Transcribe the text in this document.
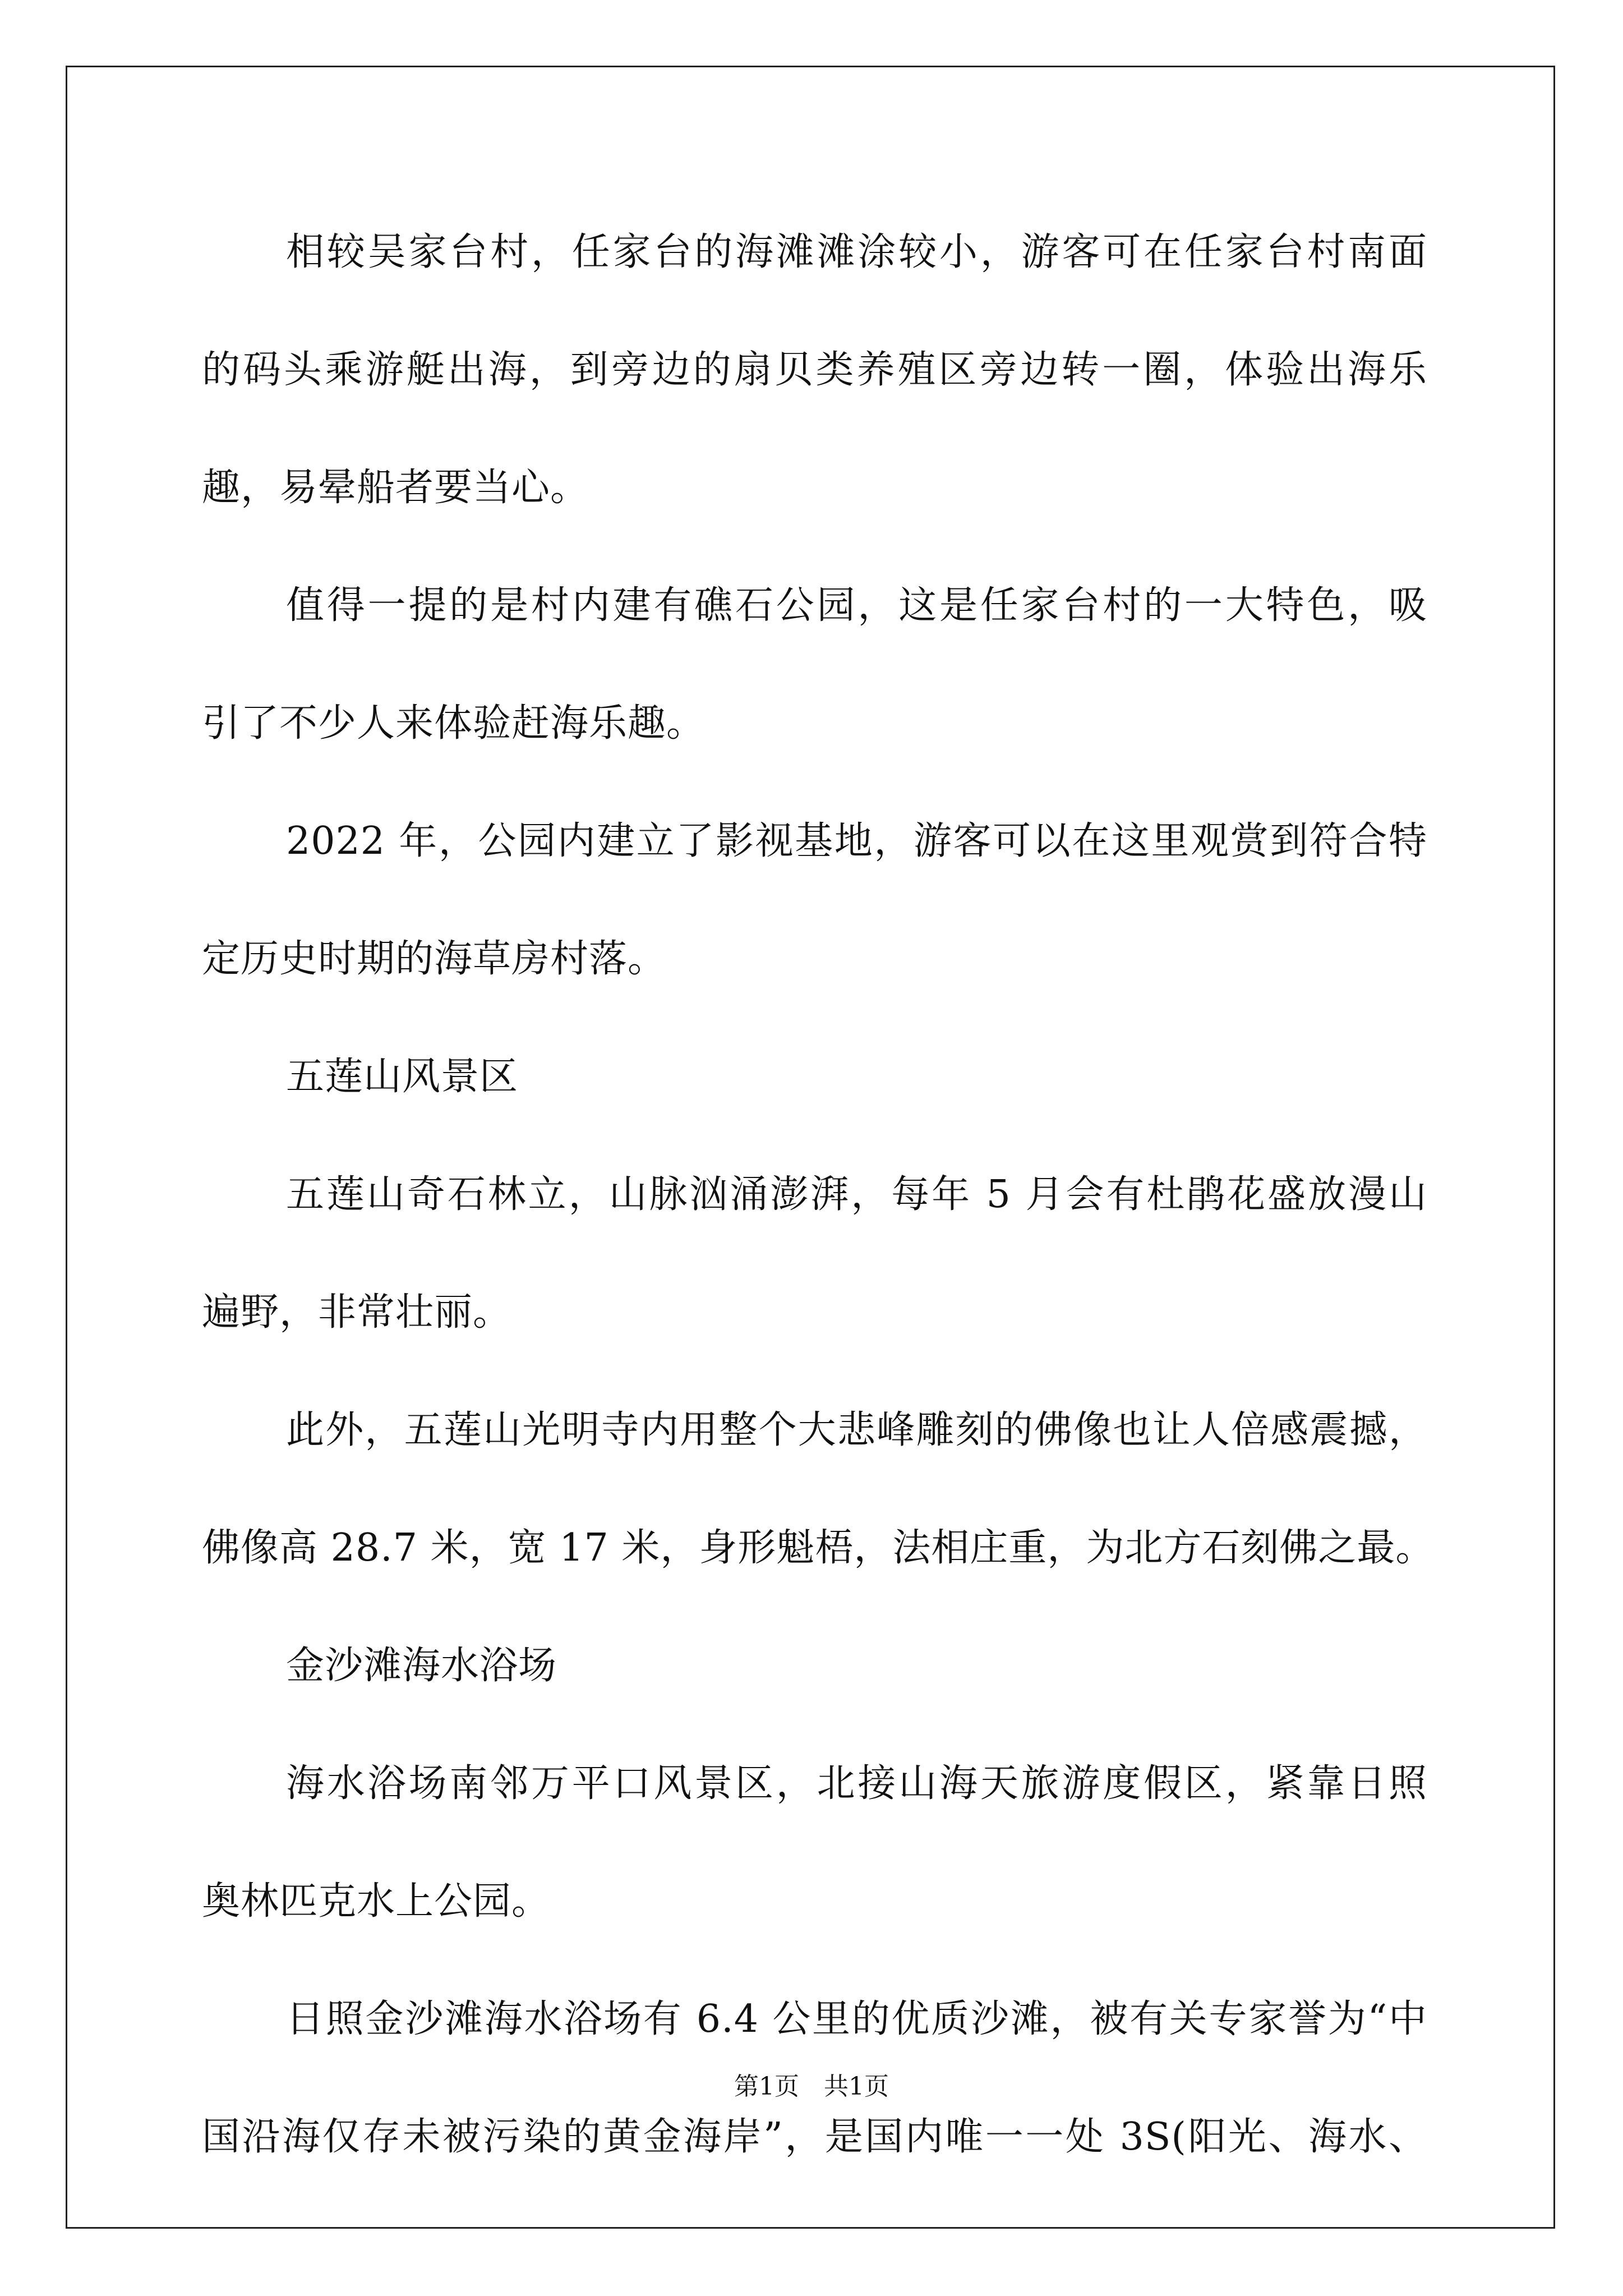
相较吴家台村，任家台的海滩滩涂较小，游客可在任家台村南面
的码头乘游艇出海，到旁边的扇贝类养殖区旁边转一圈，体验出海乐
趣，易晕船者要当心。
值得一提的是村内建有礁石公园，这是任家台村的一大特色，吸
引了不少人来体验赶海乐趣。
2022 年，公园内建立了影视基地，游客可以在这里观赏到符合特
定历史时期的海草房村落。
五莲山风景区
五莲山奇石林立，山脉汹涌澎湃，每年 5 月会有杜鹃花盛放漫山
遍野，非常壮丽。
此外，五莲山光明寺内用整个大悲峰雕刻的佛像也让人倍感震撼，
佛像高 28.7 米，宽 17 米，身形魁梧，法相庄重，为北方石刻佛之最。
金沙滩海水浴场
海水浴场南邻万平口风景区，北接山海天旅游度假区，紧靠日照
奥林匹克水上公园。
日照金沙滩海水浴场有 6.4 公里的优质沙滩，被有关专家誉为“中
国沿海仅存未被污染的黄金海岸”，是国内唯一一处 3S(阳光、海水、
第1页　共1页
